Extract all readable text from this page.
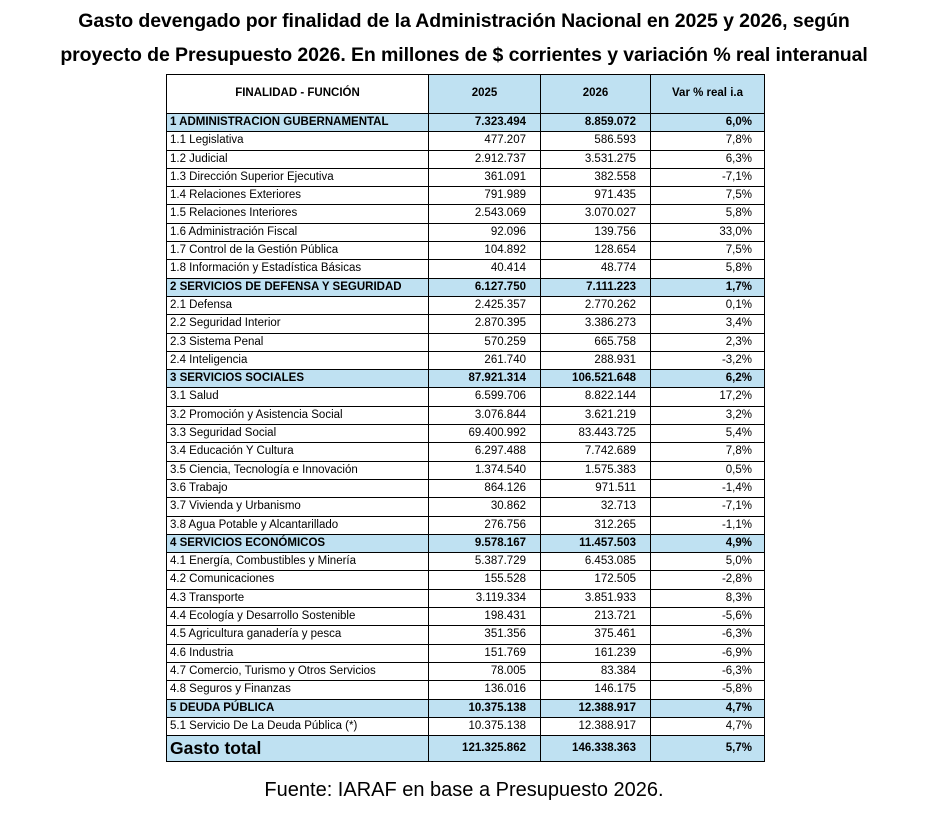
Gasto devengado por finalidad de la Administración Nacional en 2025 y 2026, según
proyecto de Presupuesto 2026. En millones de $ corrientes y variación % real interanual
FINALIDAD - FUNCIÓN	2025	2026	Var % real i.a
1 ADMINISTRACION GUBERNAMENTAL	7.323.494	8.859.072	6,0%
1.1 Legislativa	477.207	586.593	7,8%
1.2 Judicial	2.912.737	3.531.275	6,3%
1.3 Dirección Superior Ejecutiva	361.091	382.558	-7,1%
1.4 Relaciones Exteriores	791.989	971.435	7,5%
1.5 Relaciones Interiores	2.543.069	3.070.027	5,8%
1.6 Administración Fiscal	92.096	139.756	33,0%
1.7 Control de la Gestión Pública	104.892	128.654	7,5%
1.8 Información y Estadística Básicas	40.414	48.774	5,8%
2 SERVICIOS DE DEFENSA Y SEGURIDAD	6.127.750	7.111.223	1,7%
2.1 Defensa	2.425.357	2.770.262	0,1%
2.2 Seguridad Interior	2.870.395	3.386.273	3,4%
2.3 Sistema Penal	570.259	665.758	2,3%
2.4 Inteligencia	261.740	288.931	-3,2%
3 SERVICIOS SOCIALES	87.921.314	106.521.648	6,2%
3.1 Salud	6.599.706	8.822.144	17,2%
3.2 Promoción y Asistencia Social	3.076.844	3.621.219	3,2%
3.3 Seguridad Social	69.400.992	83.443.725	5,4%
3.4 Educación Y Cultura	6.297.488	7.742.689	7,8%
3.5 Ciencia, Tecnología e Innovación	1.374.540	1.575.383	0,5%
3.6 Trabajo	864.126	971.511	-1,4%
3.7 Vivienda y Urbanismo	30.862	32.713	-7,1%
3.8 Agua Potable y Alcantarillado	276.756	312.265	-1,1%
4 SERVICIOS ECONÓMICOS	9.578.167	11.457.503	4,9%
4.1 Energía, Combustibles y Minería	5.387.729	6.453.085	5,0%
4.2 Comunicaciones	155.528	172.505	-2,8%
4.3 Transporte	3.119.334	3.851.933	8,3%
4.4 Ecología y Desarrollo Sostenible	198.431	213.721	-5,6%
4.5 Agricultura ganadería y pesca	351.356	375.461	-6,3%
4.6 Industria	151.769	161.239	-6,9%
4.7 Comercio, Turismo y Otros Servicios	78.005	83.384	-6,3%
4.8 Seguros y Finanzas	136.016	146.175	-5,8%
5 DEUDA PÚBLICA	10.375.138	12.388.917	4,7%
5.1 Servicio De La Deuda Pública (*)	10.375.138	12.388.917	4,7%
Gasto total	121.325.862	146.338.363	5,7%
Fuente: IARAF en base a Presupuesto 2026.
